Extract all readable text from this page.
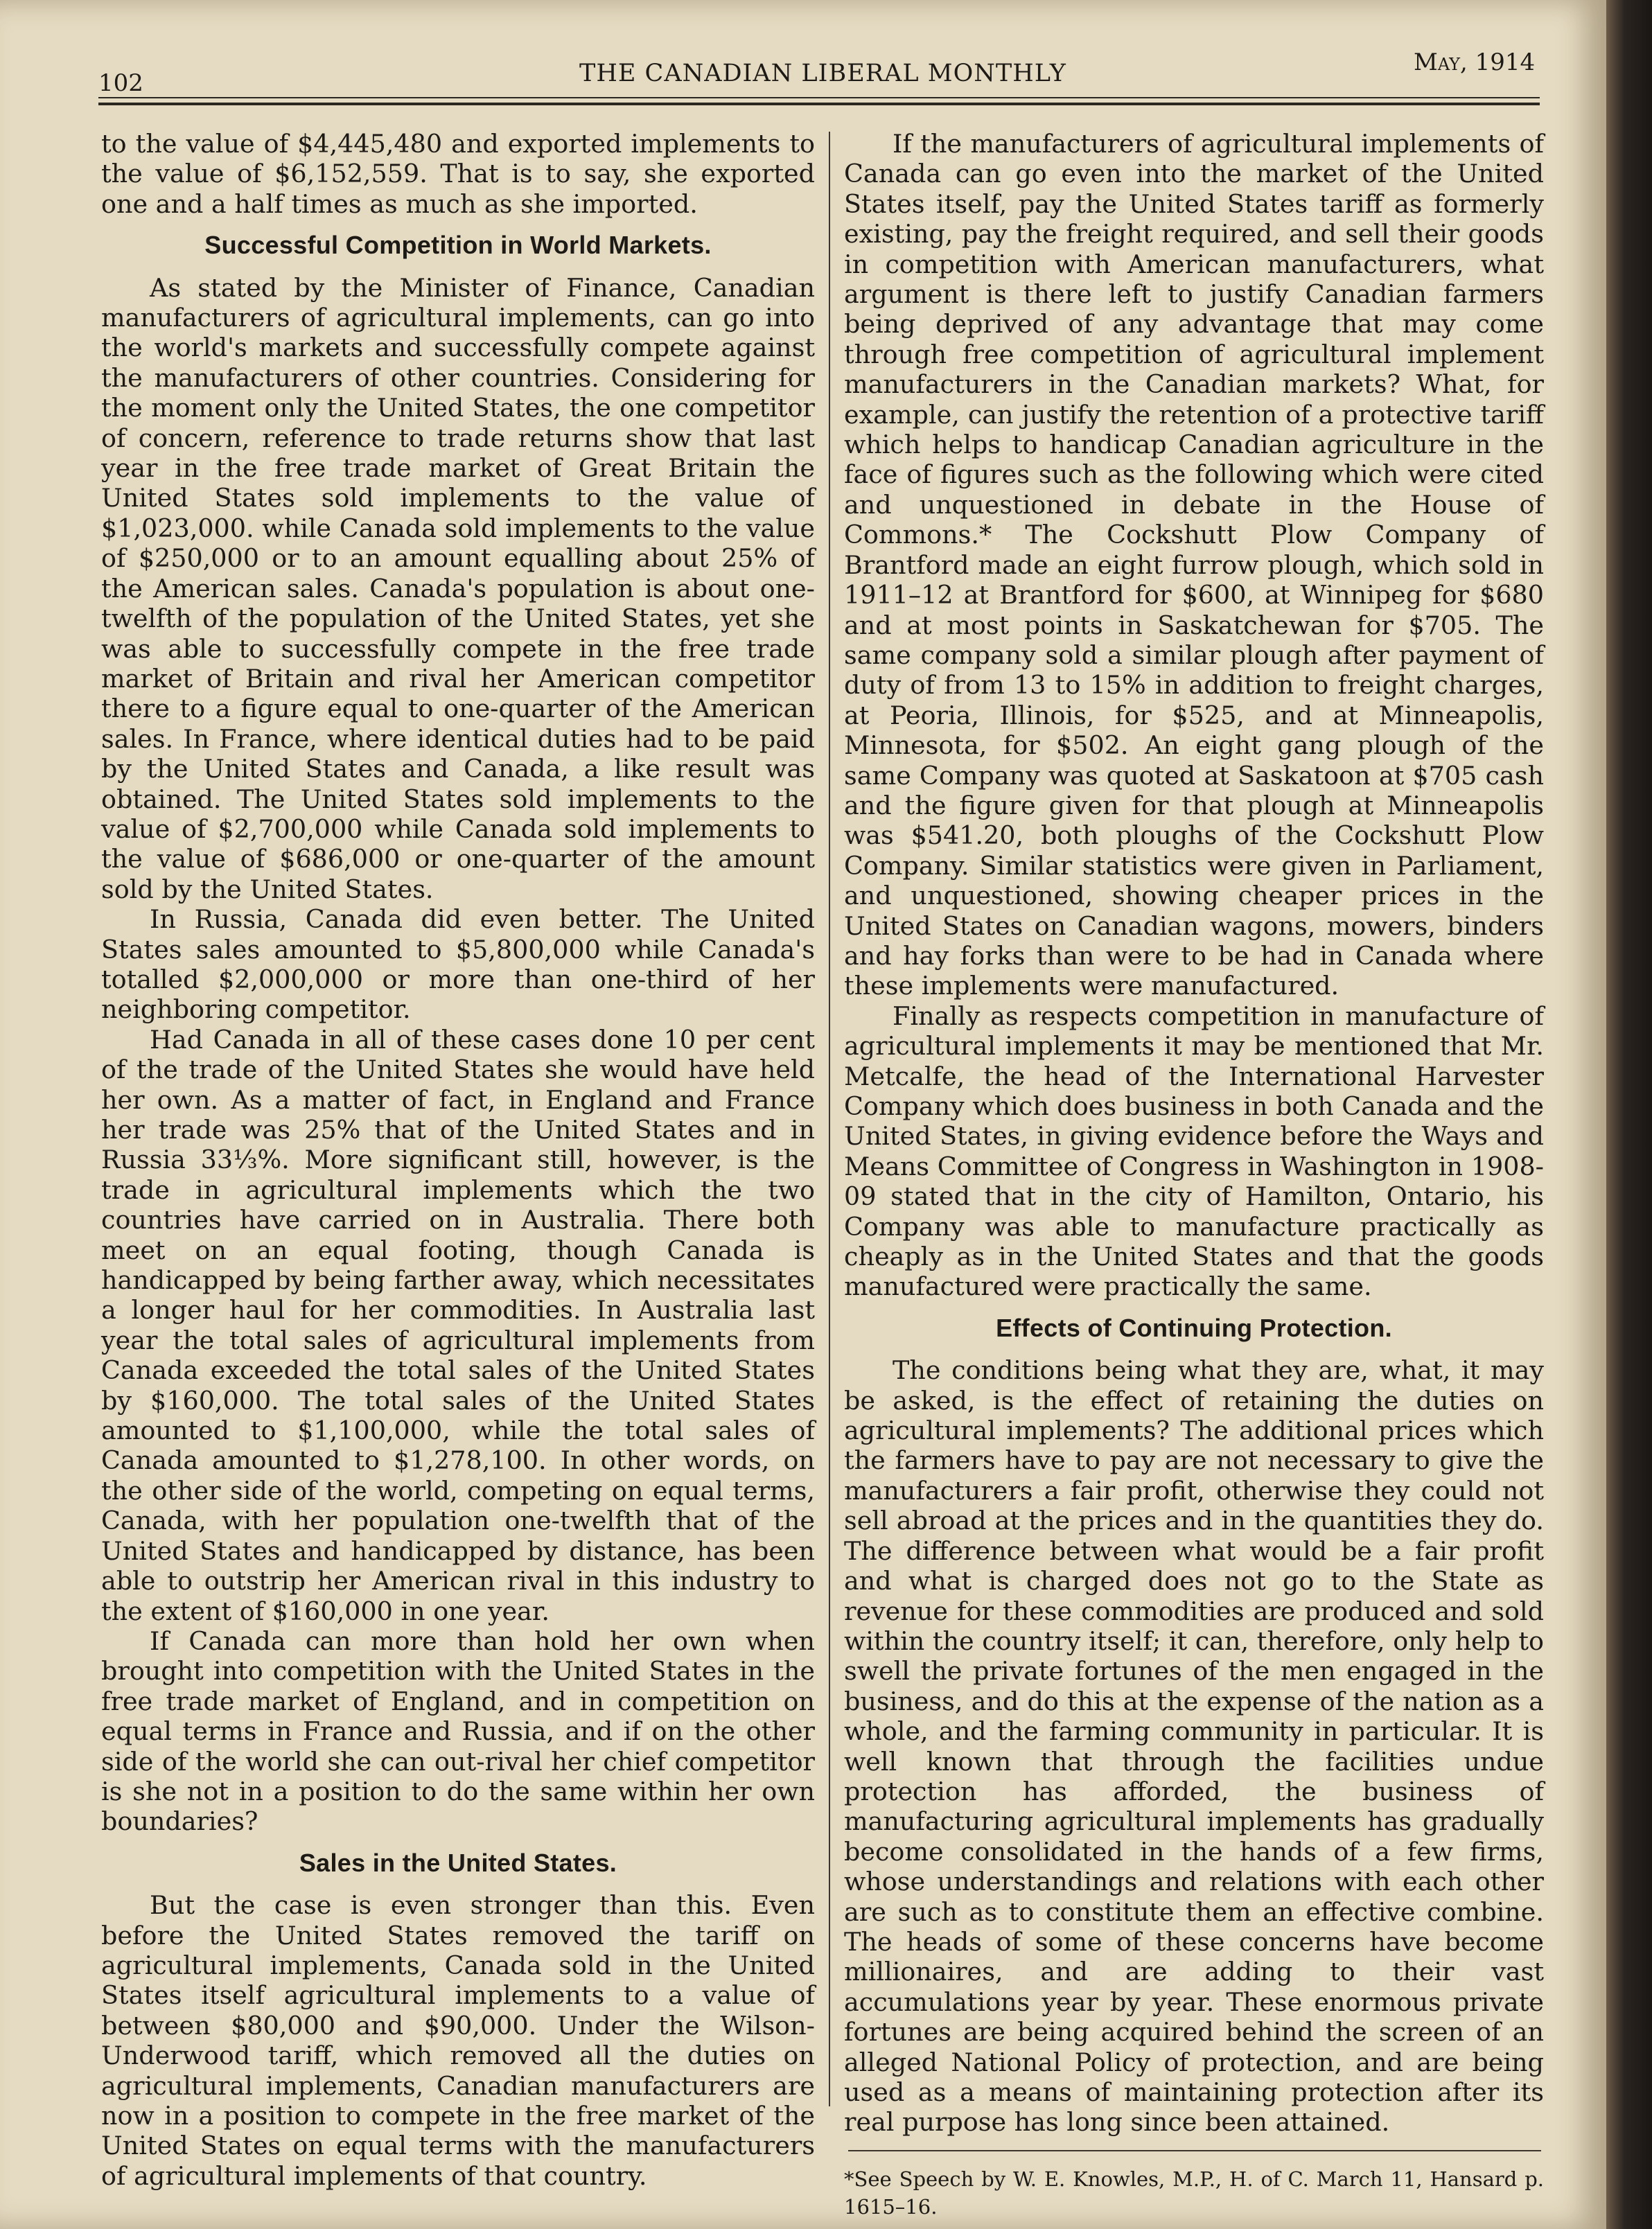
102	THE CANADIAN LIBERAL MONTHLY	May, 1914

to the value of $4,445,480 and exported implements to the value of $6,152,559. That is to say, she exported one and a half times as much as she imported.

Successful Competition in World Markets.

As stated by the Minister of Finance, Canadian manufacturers of agricultural implements, can go into the world's markets and successfully compete against the manufacturers of other countries. Considering for the moment only the United States, the one competitor of concern, reference to trade returns show that last year in the free trade market of Great Britain the United States sold implements to the value of $1,023,000. while Canada sold implements to the value of $250,000 or to an amount equalling about 25% of the American sales. Canada's population is about one-twelfth of the population of the United States, yet she was able to successfully compete in the free trade market of Britain and rival her American competitor there to a figure equal to one-quarter of the American sales. In France, where identical duties had to be paid by the United States and Canada, a like result was obtained. The United States sold implements to the value of $2,700,000 while Canada sold implements to the value of $686,000 or one-quarter of the amount sold by the United States.

In Russia, Canada did even better. The United States sales amounted to $5,800,000 while Canada's totalled $2,000,000 or more than one-third of her neighboring competitor.

Had Canada in all of these cases done 10 per cent of the trade of the United States she would have held her own. As a matter of fact, in England and France her trade was 25% that of the United States and in Russia 33⅓%. More significant still, however, is the trade in agricultural implements which the two countries have carried on in Australia. There both meet on an equal footing, though Canada is handicapped by being farther away, which necessitates a longer haul for her commodities. In Australia last year the total sales of agricultural implements from Canada exceeded the total sales of the United States by $160,000. The total sales of the United States amounted to $1,100,000, while the total sales of Canada amounted to $1,278,100. In other words, on the other side of the world, competing on equal terms, Canada, with her population one-twelfth that of the United States and handicapped by distance, has been able to outstrip her American rival in this industry to the extent of $160,000 in one year.

If Canada can more than hold her own when brought into competition with the United States in the free trade market of England, and in competition on equal terms in France and Russia, and if on the other side of the world she can out-rival her chief competitor is she not in a position to do the same within her own boundaries?

Sales in the United States.

But the case is even stronger than this. Even before the United States removed the tariff on agricultural implements, Canada sold in the United States itself agricultural implements to a value of between $80,000 and $90,000. Under the Wilson-Underwood tariff, which removed all the duties on agricultural implements, Canadian manufacturers are now in a position to compete in the free market of the United States on equal terms with the manufacturers of agricultural implements of that country.

If the manufacturers of agricultural implements of Canada can go even into the market of the United States itself, pay the United States tariff as formerly existing, pay the freight required, and sell their goods in competition with American manufacturers, what argument is there left to justify Canadian farmers being deprived of any advantage that may come through free competition of agricultural implement manufacturers in the Canadian markets? What, for example, can justify the retention of a protective tariff which helps to handicap Canadian agriculture in the face of figures such as the following which were cited and unquestioned in debate in the House of Commons.* The Cockshutt Plow Company of Brantford made an eight furrow plough, which sold in 1911–12 at Brantford for $600, at Winnipeg for $680 and at most points in Saskatchewan for $705. The same company sold a similar plough after payment of duty of from 13 to 15% in addition to freight charges, at Peoria, Illinois, for $525, and at Minneapolis, Minnesota, for $502. An eight gang plough of the same Company was quoted at Saskatoon at $705 cash and the figure given for that plough at Minneapolis was $541.20, both ploughs of the Cockshutt Plow Company. Similar statistics were given in Parliament, and unquestioned, showing cheaper prices in the United States on Canadian wagons, mowers, binders and hay forks than were to be had in Canada where these implements were manufactured.

Finally as respects competition in manufacture of agricultural implements it may be mentioned that Mr. Metcalfe, the head of the International Harvester Company which does business in both Canada and the United States, in giving evidence before the Ways and Means Committee of Congress in Washington in 1908-09 stated that in the city of Hamilton, Ontario, his Company was able to manufacture practically as cheaply as in the United States and that the goods manufactured were practically the same.

Effects of Continuing Protection.

The conditions being what they are, what, it may be asked, is the effect of retaining the duties on agricultural implements? The additional prices which the farmers have to pay are not necessary to give the manufacturers a fair profit, otherwise they could not sell abroad at the prices and in the quantities they do. The difference between what would be a fair profit and what is charged does not go to the State as revenue for these commodities are produced and sold within the country itself; it can, therefore, only help to swell the private fortunes of the men engaged in the business, and do this at the expense of the nation as a whole, and the farming community in particular. It is well known that through the facilities undue protection has afforded, the business of manufacturing agricultural implements has gradually become consolidated in the hands of a few firms, whose understandings and relations with each other are such as to constitute them an effective combine. The heads of some of these concerns have become millionaires, and are adding to their vast accumulations year by year. These enormous private fortunes are being acquired behind the screen of an alleged National Policy of protection, and are being used as a means of maintaining protection after its real purpose has long since been attained.

*See Speech by W. E. Knowles, M.P., H. of C. March 11, Hansard p. 1615–16.
